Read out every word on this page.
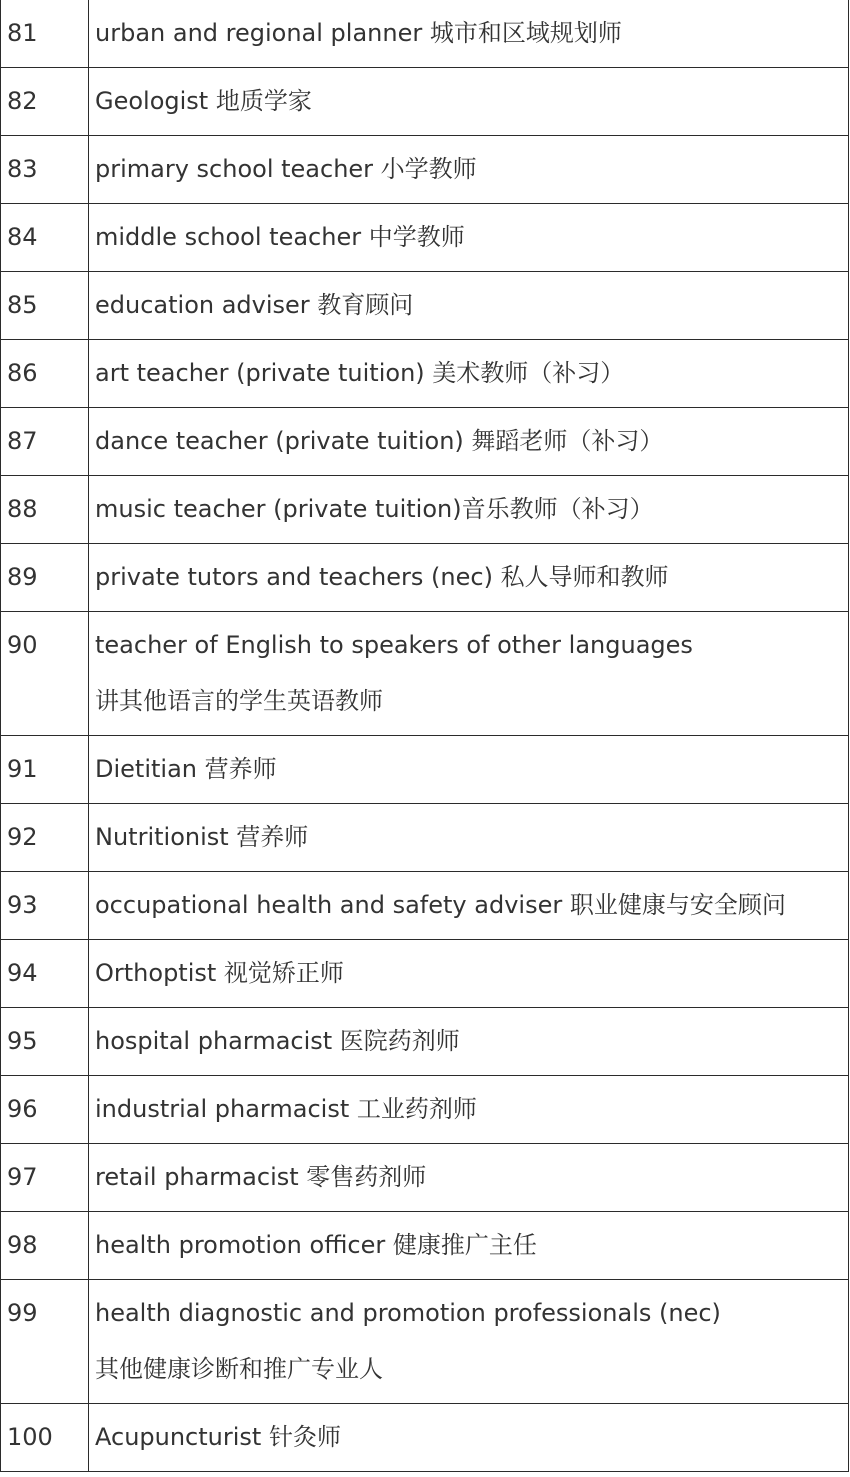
81	urban and regional planner 城市和区域规划师
82	Geologist 地质学家
83	primary school teacher 小学教师
84	middle school teacher 中学教师
85	education adviser 教育顾问
86	art teacher (private tuition) 美术教师（补习）
87	dance teacher (private tuition) 舞蹈老师（补习）
88	music teacher (private tuition)音乐教师（补习）
89	private tutors and teachers (nec) 私人导师和教师
90	teacher of English to speakers of other languages 讲其他语言的学生英语教师
91	Dietitian 营养师
92	Nutritionist 营养师
93	occupational health and safety adviser 职业健康与安全顾问
94	Orthoptist 视觉矫正师
95	hospital pharmacist 医院药剂师
96	industrial pharmacist 工业药剂师
97	retail pharmacist 零售药剂师
98	health promotion officer 健康推广主任
99	health diagnostic and promotion professionals (nec) 其他健康诊断和推广专业人
100	Acupuncturist 针灸师
